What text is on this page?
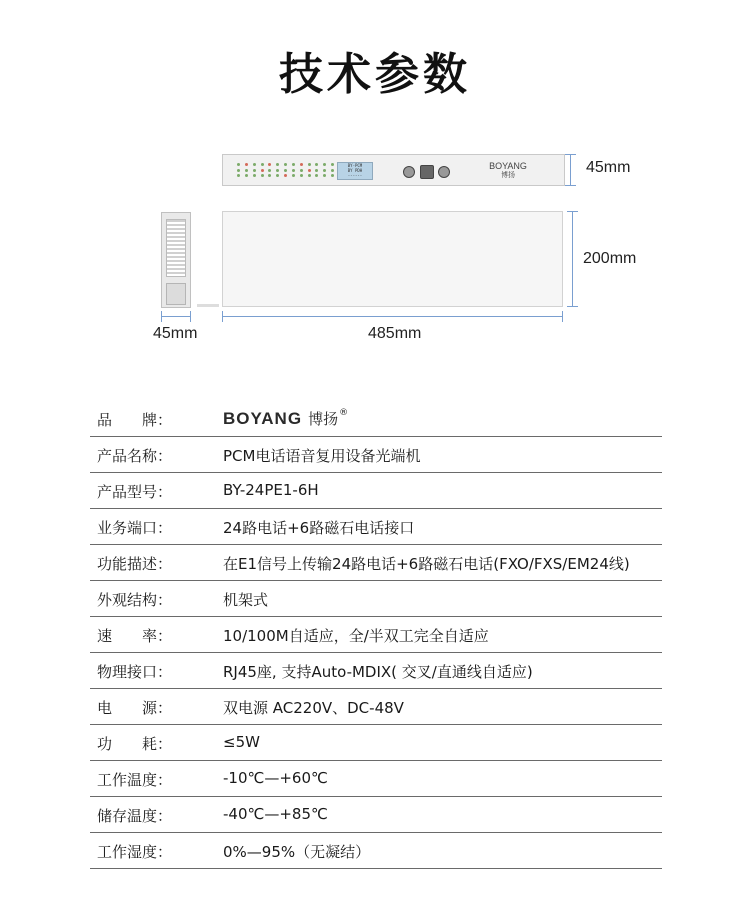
技术参数
BY-PCM
BY PDH
------
BOYANG
博扬	45mm
200mm
45mm	485mm
品　　牌：	BOYANG 博扬 ®
产品名称：	PCM电话语音复用设备光端机
产品型号：	BY-24PE1-6H
业务端口：	24路电话+6路磁石电话接口
功能描述：	在E1信号上传输24路电话+6路磁石电话(FXO/FXS/EM24线)
外观结构：	机架式
速　　率：	10/100M自适应，全/半双工完全自适应
物理接口：	RJ45座, 支持Auto-MDIX( 交叉/直通线自适应)
电　　源：	双电源 AC220V、DC-48V
功　　耗：	≤5W
工作温度：	-10℃—+60℃
储存温度：	-40℃—+85℃
工作湿度：	0%—95%（无凝结）
